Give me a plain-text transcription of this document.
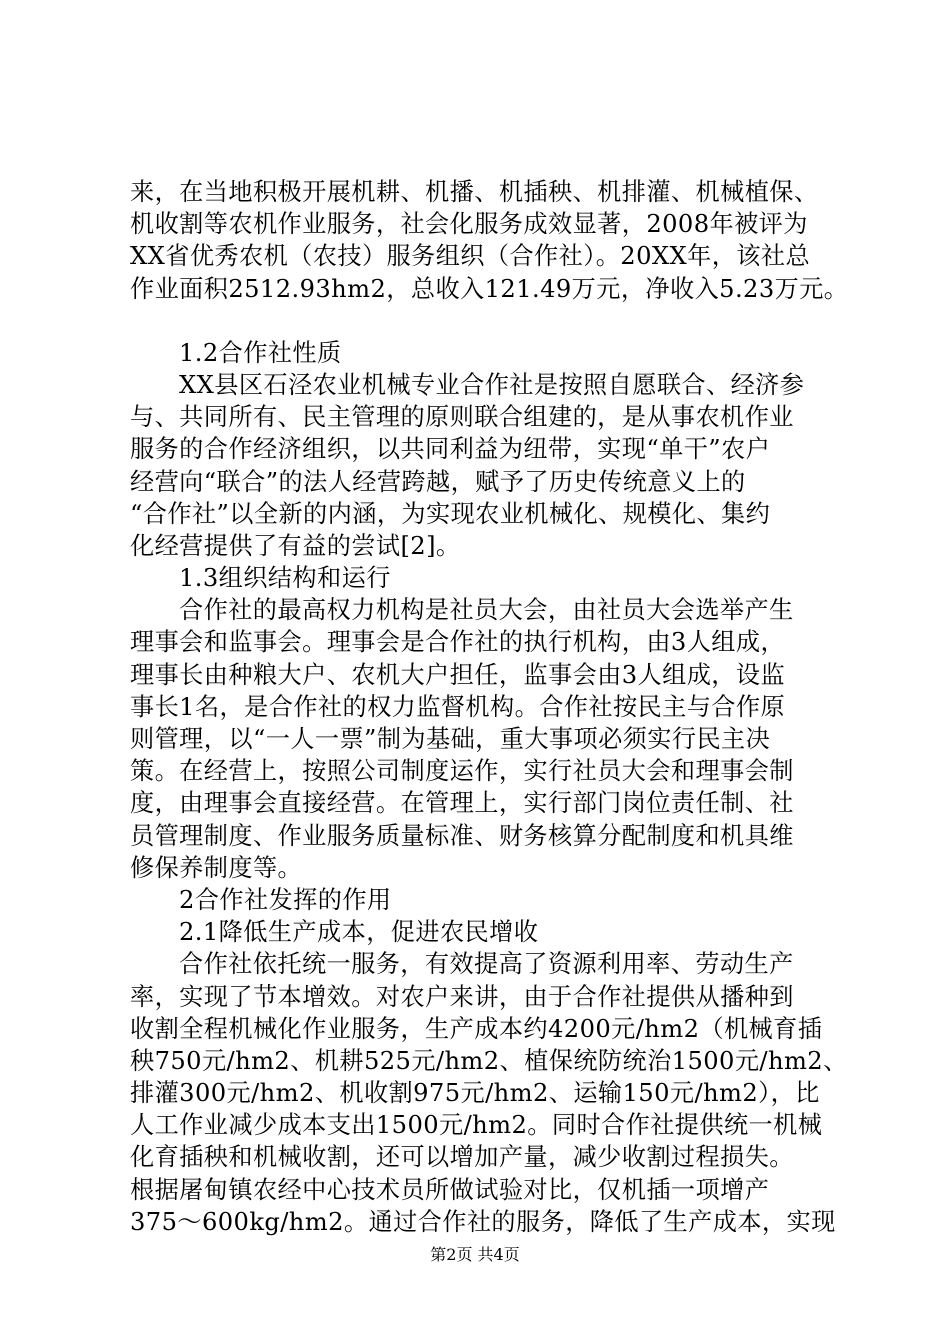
来，在当地积极开展机耕、机播、机插秧、机排灌、机械植保、
机收割等农机作业服务，社会化服务成效显著，2008年被评为
XX省优秀农机（农技）服务组织（合作社）。20XX年，该社总
作业面积2512.93hm2，总收入121.49万元，净收入5.23万元。
1.2合作社性质
XX县区石泾农业机械专业合作社是按照自愿联合、经济参
与、共同所有、民主管理的原则联合组建的，是从事农机作业
服务的合作经济组织，以共同利益为纽带，实现“单干”农户
经营向“联合”的法人经营跨越，赋予了历史传统意义上的
“合作社”以全新的内涵，为实现农业机械化、规模化、集约
化经营提供了有益的尝试[2]。
1.3组织结构和运行
合作社的最高权力机构是社员大会，由社员大会选举产生
理事会和监事会。理事会是合作社的执行机构，由3人组成，
理事长由种粮大户、农机大户担任，监事会由3人组成，设监
事长1名，是合作社的权力监督机构。合作社按民主与合作原
则管理，以“一人一票”制为基础，重大事项必须实行民主决
策。在经营上，按照公司制度运作，实行社员大会和理事会制
度，由理事会直接经营。在管理上，实行部门岗位责任制、社
员管理制度、作业服务质量标准、财务核算分配制度和机具维
修保养制度等。
2合作社发挥的作用
2.1降低生产成本，促进农民增收
合作社依托统一服务，有效提高了资源利用率、劳动生产
率，实现了节本增效。对农户来讲，由于合作社提供从播种到
收割全程机械化作业服务，生产成本约4200元/hm2（机械育插
秧750元/hm2、机耕525元/hm2、植保统防统治1500元/hm2、
排灌300元/hm2、机收割975元/hm2、运输150元/hm2），比
人工作业减少成本支出1500元/hm2。同时合作社提供统一机械
化育插秧和机械收割，还可以增加产量，减少收割过程损失。
根据屠甸镇农经中心技术员所做试验对比，仅机插一项增产
375～600kg/hm2。通过合作社的服务，降低了生产成本，实现
第2页 共4页
